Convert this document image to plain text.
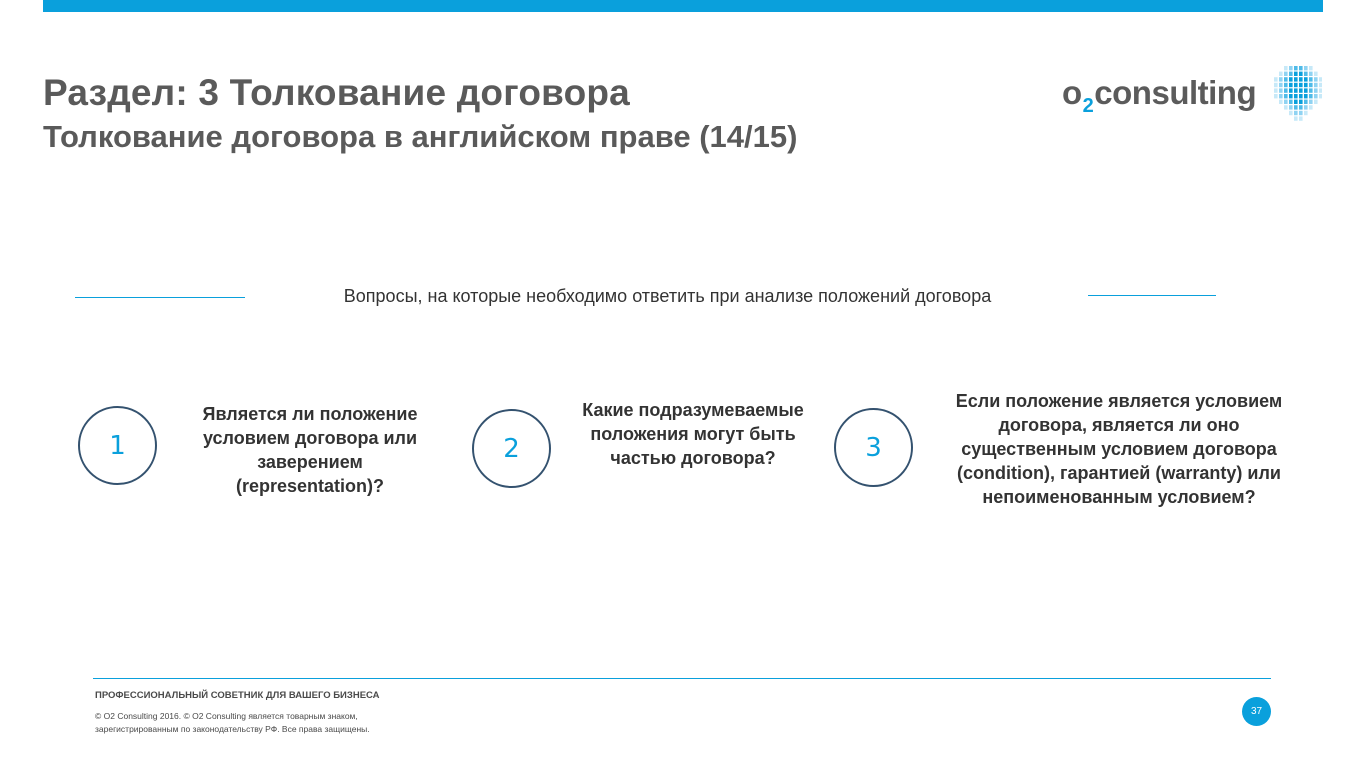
Раздел: 3 Толкование договора
Толкование договора в английском праве (14/15)
$o_2consulting$
Вопросы, на которые необходимо ответить при анализе положений договора
1
Является ли положение условием договора или заверением (representation)?
2
Какие подразумеваемые положения могут быть частью договора?	3
Если положение является условием договора, является ли оно существенным условием договора (condition), гарантией (warranty) или непоименованным условием?
ПРОФЕССИОНАЛЬНЫЙ СОВЕТНИК ДЛЯ ВАШЕГО БИЗНЕСА
© O2 Consulting 2016. © O2 Consulting является товарным знаком, зарегистрированным по законодательству РФ. Все права защищены.
37
